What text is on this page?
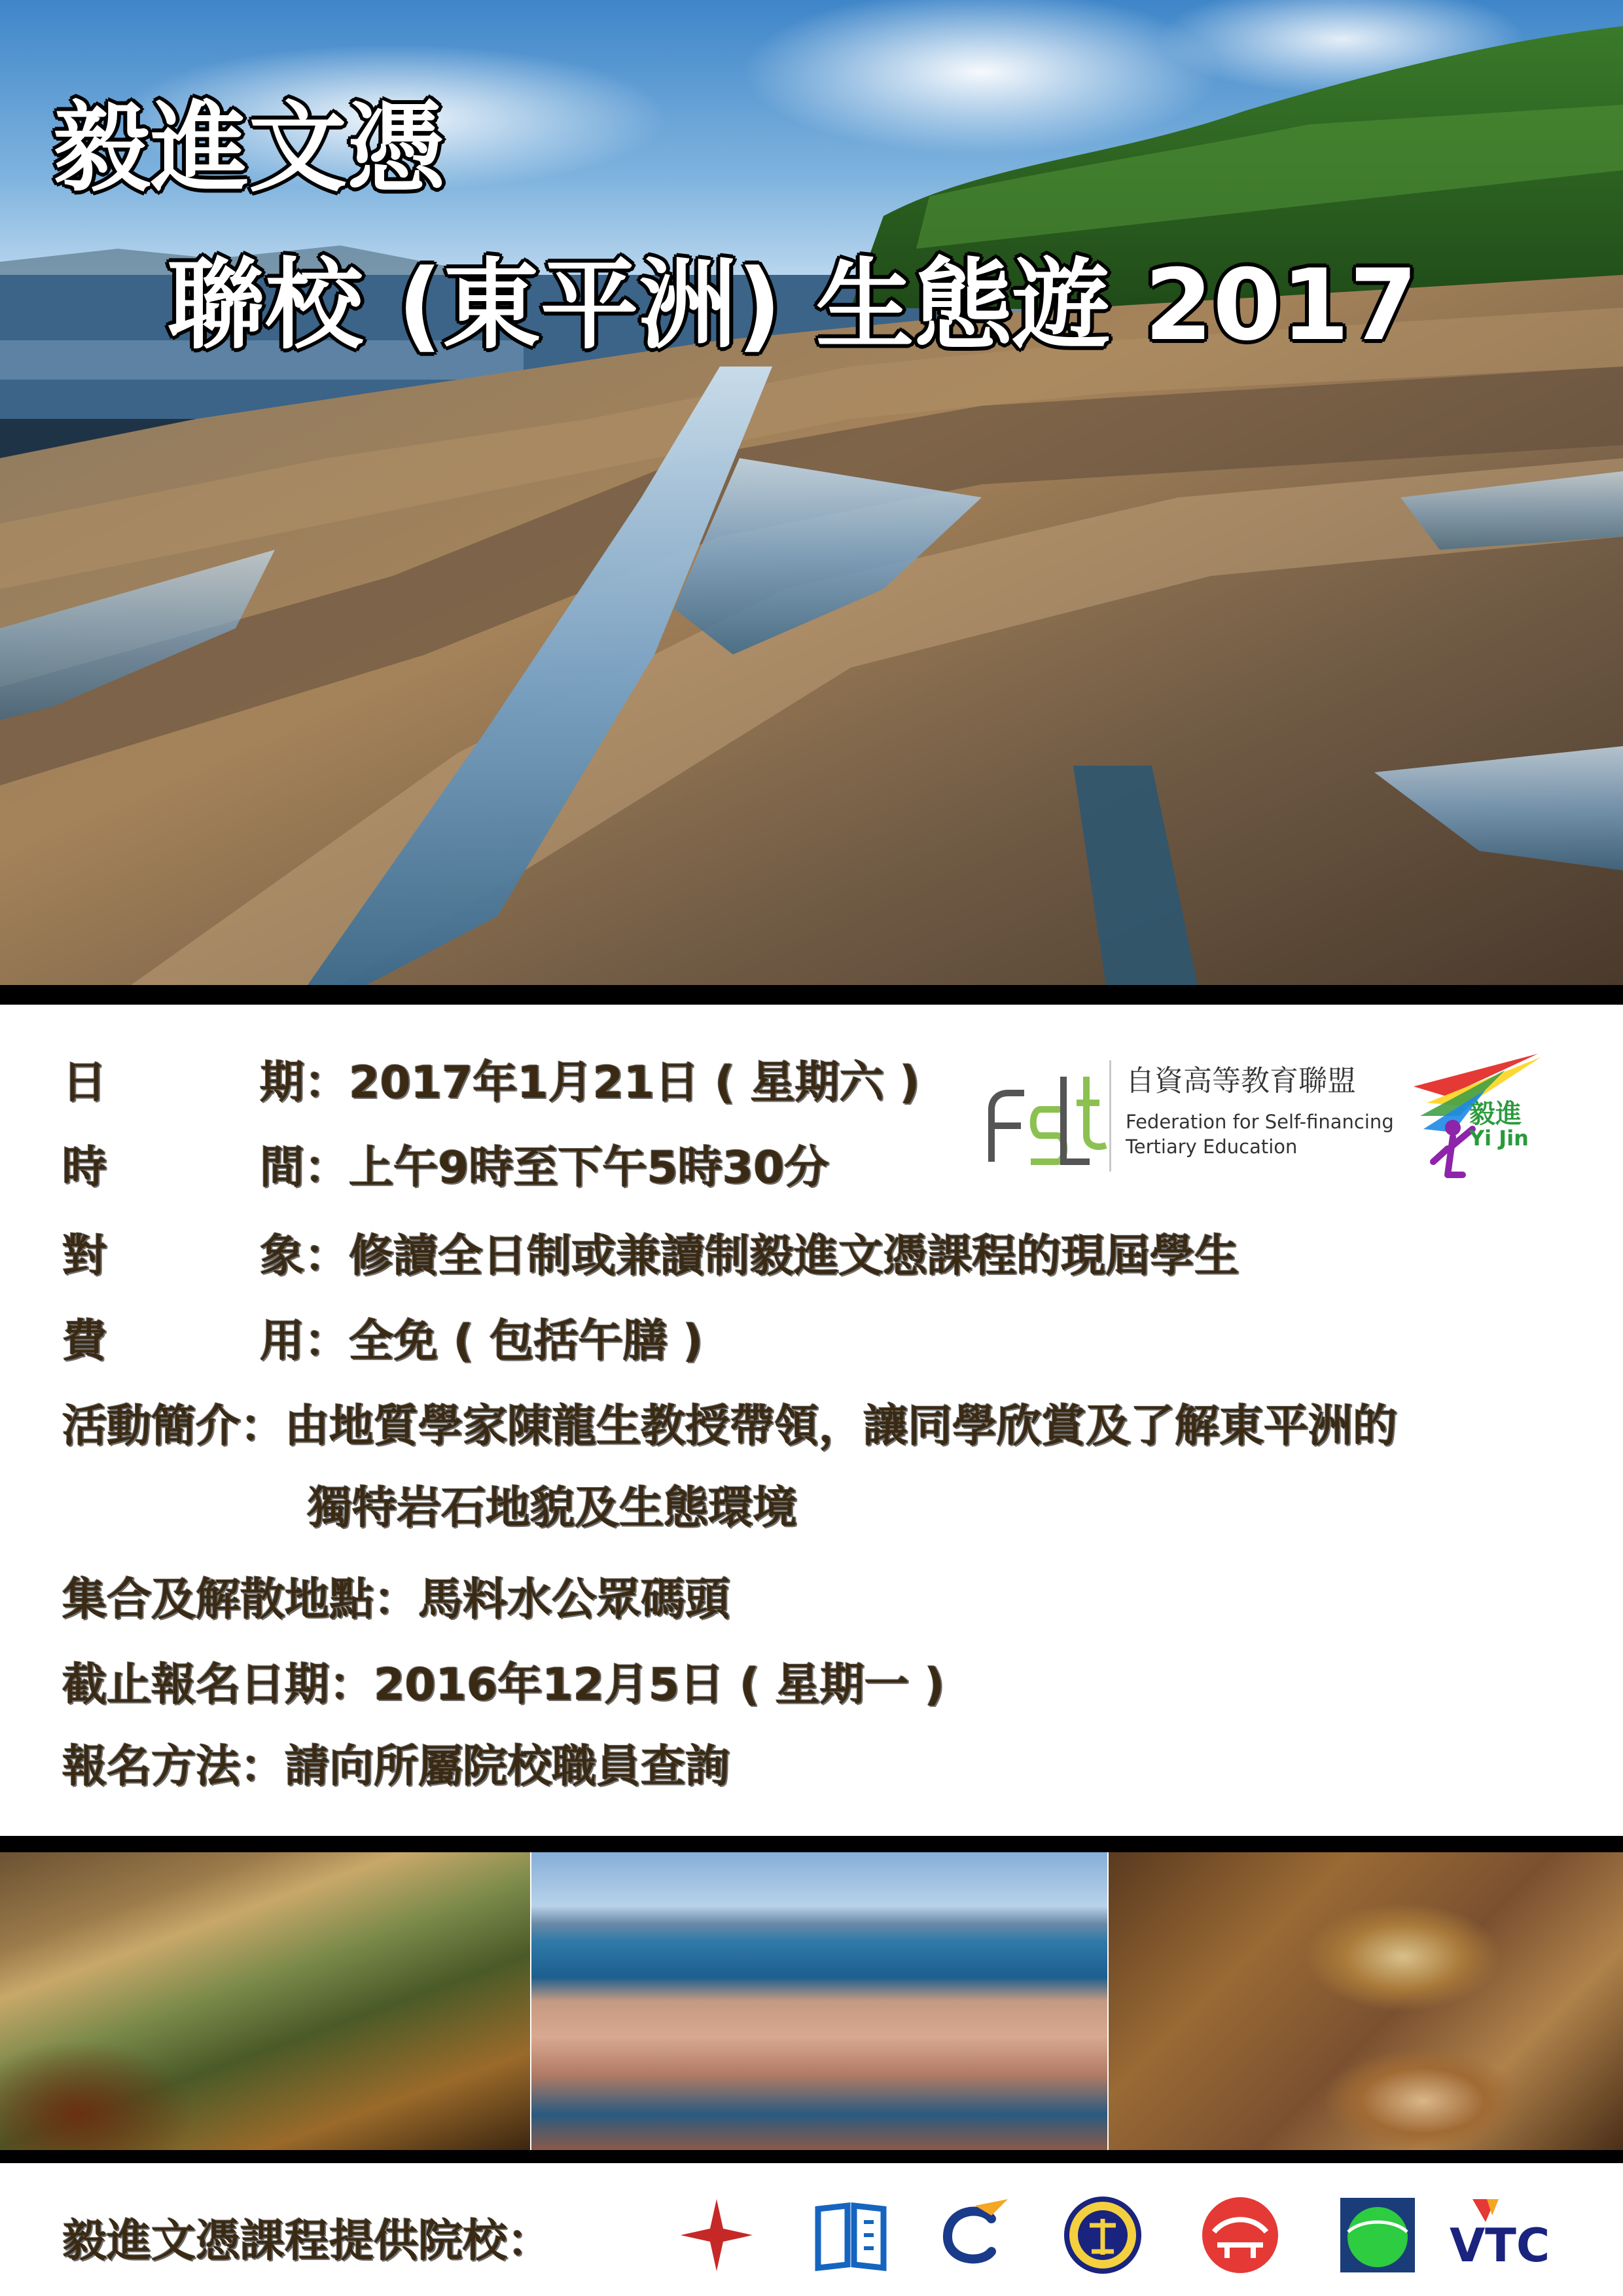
毅進文憑
聯校 (東平洲) 生態遊 2017
日	期 ：2017年1月21日 ( 星期六 )
時	間 ：上午9時至下午5時30分
對	象 ：修讀全日制或兼讀制毅進文憑課程的現屆學生
費	用 ：全免 ( 包括午膳 )
活動簡介：由地質學家陳龍生教授帶領，讓同學欣賞及了解東平洲的
獨特岩石地貌及生態環境
集合及解散地點：馬料水公眾碼頭
截止報名日期：2016年12月5日 ( 星期一 )
報名方法：請向所屬院校職員查詢
自資高等教育聯盟
Federation for Self-financing
Tertiary Education
毅進
Yi Jin
毅進文憑課程提供院校：	VTC
